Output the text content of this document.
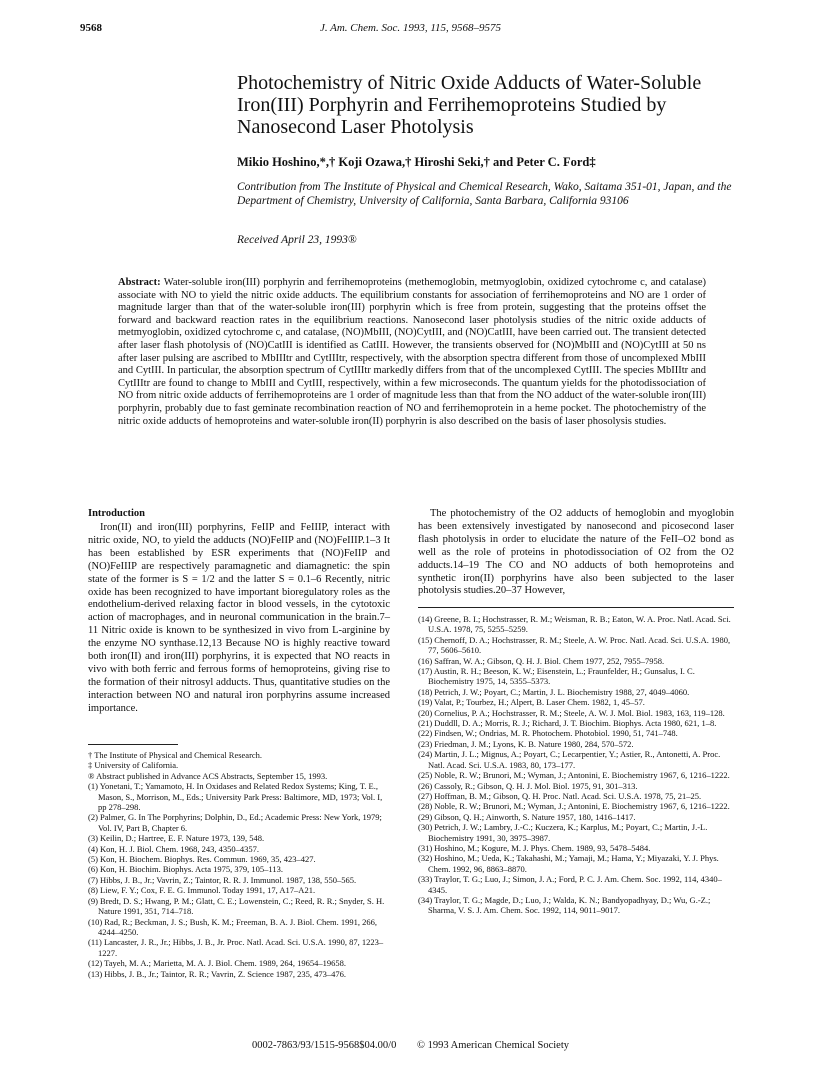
9568	J. Am. Chem. Soc. 1993, 115, 9568–9575
Photochemistry of Nitric Oxide Adducts of Water-Soluble Iron(III) Porphyrin and Ferrihemoproteins Studied by Nanosecond Laser Photolysis
Mikio Hoshino,*,† Koji Ozawa,† Hiroshi Seki,† and Peter C. Ford‡
Contribution from The Institute of Physical and Chemical Research, Wako, Saitama 351-01, Japan, and the Department of Chemistry, University of California, Santa Barbara, California 93106
Received April 23, 1993®
Abstract: Water-soluble iron(III) porphyrin and ferrihemoproteins (methemoglobin, metmyoglobin, oxidized cytochrome c, and catalase) associate with NO to yield the nitric oxide adducts. The equilibrium constants for association of ferrihemoproteins and NO are 1 order of magnitude larger than that of the water-soluble iron(III) porphyrin which is free from protein, suggesting that the proteins offset the forward and backward reaction rates in the equilibrium reactions. Nanosecond laser photolysis studies of the nitric oxide adducts of metmyoglobin, oxidized cytochrome c, and catalase, (NO)MbIII, (NO)CytIII, and (NO)CatIII, have been carried out. The transient detected after laser flash photolysis of (NO)CatIII is identified as CatIII. However, the transients observed for (NO)MbIII and (NO)CytIII at 50 ns after laser pulsing are ascribed to MbIIItr and CytIIItr, respectively, with the absorption spectra different from those of uncomplexed MbIII and CytIII. In particular, the absorption spectrum of CytIIItr markedly differs from that of the uncomplexed CytIII. The species MbIIItr and CytIIItr are found to change to MbIII and CytIII, respectively, within a few microseconds. The quantum yields for the photodissociation of NO from nitric oxide adducts of ferrihemoproteins are 1 order of magnitude less than that from the NO adduct of the water-soluble iron(III) porphyrin, probably due to fast geminate recombination reaction of NO and ferrihemoprotein in a heme pocket. The photochemistry of the nitric oxide adducts of hemoproteins and water-soluble iron(II) porphyrin is also described on the basis of laser phosolysis studies.
Introduction

Iron(II) and iron(III) porphyrins, FeIIP and FeIIIP, interact with nitric oxide, NO, to yield the adducts (NO)FeIIP and (NO)FeIIIP.1–3 It has been established by ESR experiments that (NO)FeIIP and (NO)FeIIIP are respectively paramagnetic and diamagnetic: the spin state of the former is S = 1/2 and the latter S = 0.1–6 Recently, nitric oxide has been recognized to have important bioregulatory roles as the endothelium-derived relaxing factor in blood vessels, in the cytotoxic action of macrophages, and in neuronal communication in the brain.7–11 Nitric oxide is known to be synthesized in vivo from L-arginine by the enzyme NO synthase.12,13 Because NO is highly reactive toward both iron(II) and iron(III) porphyrins, it is expected that NO reacts in vivo with both ferric and ferrous forms of hemoproteins, giving rise to the formation of their nitrosyl adducts. Thus, quantitative studies on the interaction between NO and natural iron porphyrins assume increased importance.

† The Institute of Physical and Chemical Research.
‡ University of California.
® Abstract published in Advance ACS Abstracts, September 15, 1993.
(1) Yonetani, T.; Yamamoto, H. In Oxidases and Related Redox Systems; King, T. E., Mason, S., Morrison, M., Eds.; University Park Press: Baltimore, MD, 1973; Vol. I, pp 278–298.
(2) Palmer, G. In The Porphyrins; Dolphin, D., Ed.; Academic Press: New York, 1979; Vol. IV, Part B, Chapter 6.
(3) Keilin, D.; Hartree, E. F. Nature 1973, 139, 548.
(4) Kon, H. J. Biol. Chem. 1968, 243, 4350–4357.
(5) Kon, H. Biochem. Biophys. Res. Commun. 1969, 35, 423–427.
(6) Kon, H. Biochim. Biophys. Acta 1975, 379, 105–113.
(7) Hibbs, J. B., Jr.; Vavrin, Z.; Taintor, R. R. J. Immunol. 1987, 138, 550–565.
(8) Liew, F. Y.; Cox, F. E. G. Immunol. Today 1991, 17, A17–A21.
(9) Bredt, D. S.; Hwang, P. M.; Glatt, C. E.; Lowenstein, C.; Reed, R. R.; Snyder, S. H. Nature 1991, 351, 714–718.
(10) Rad, R.; Beckman, J. S.; Bush, K. M.; Freeman, B. A. J. Biol. Chem. 1991, 266, 4244–4250.
(11) Lancaster, J. R., Jr.; Hibbs, J. B., Jr. Proc. Natl. Acad. Sci. U.S.A. 1990, 87, 1223–1227.
(12) Tayeh, M. A.; Marietta, M. A. J. Biol. Chem. 1989, 264, 19654–19658.
(13) Hibbs, J. B., Jr.; Taintor, R. R.; Vavrin, Z. Science 1987, 235, 473–476.

The photochemistry of the O2 adducts of hemoglobin and myoglobin has been extensively investigated by nanosecond and picosecond laser flash photolysis in order to elucidate the nature of the FeII–O2 bond as well as the role of proteins in photodissociation of O2 from the O2 adducts.14–19 The CO and NO adducts of both hemoproteins and synthetic iron(II) porphyrins have also been subjected to the laser photolysis studies.20–37 However,

(14) Greene, B. I.; Hochstrasser, R. M.; Weisman, R. B.; Eaton, W. A. Proc. Natl. Acad. Sci. U.S.A. 1978, 75, 5255–5259.
(15) Chernoff, D. A.; Hochstrasser, R. M.; Steele, A. W. Proc. Natl. Acad. Sci. U.S.A. 1980, 77, 5606–5610.
(16) Saffran, W. A.; Gibson, Q. H. J. Biol. Chem 1977, 252, 7955–7958.
(17) Austin, R. H.; Beeson, K. W.; Eisenstein, L.; Fraunfelder, H.; Gunsalus, I. C. Biochemistry 1975, 14, 5355–5373.
(18) Petrich, J. W.; Poyart, C.; Martin, J. L. Biochemistry 1988, 27, 4049–4060.
(19) Valat, P.; Tourbez, H.; Alpert, B. Laser Chem. 1982, 1, 45–57.
(20) Cornelius, P. A.; Hochstrasser, R. M.; Steele, A. W. J. Mol. Biol. 1983, 163, 119–128.
(21) Duddll, D. A.; Morris, R. J.; Richard, J. T. Biochim. Biophys. Acta 1980, 621, 1–8.
(22) Findsen, W.; Ondrias, M. R. Photochem. Photobiol. 1990, 51, 741–748.
(23) Friedman, J. M.; Lyons, K. B. Nature 1980, 284, 570–572.
(24) Martin, J. L.; Mignus, A.; Poyart, C.; Lecarpentier, Y.; Astier, R., Antonetti, A. Proc. Natl. Acad. Sci. U.S.A. 1983, 80, 173–177.
(25) Noble, R. W.; Brunori, M.; Wyman, J.; Antonini, E. Biochemistry 1967, 6, 1216–1222.
(26) Cassoly, R.; Gibson, Q. H. J. Mol. Biol. 1975, 91, 301–313.
(27) Hoffman, B. M.; Gibson, Q. H. Proc. Natl. Acad. Sci. U.S.A. 1978, 75, 21–25.
(28) Noble, R. W.; Brunori, M.; Wyman, J.; Antonini, E. Biochemistry 1967, 6, 1216–1222.
(29) Gibson, Q. H.; Ainworth, S. Nature 1957, 180, 1416–1417.
(30) Petrich, J. W.; Lambry, J.-C.; Kuczera, K.; Karplus, M.; Poyart, C.; Martin, J.-L. Biochemistry 1991, 30, 3975–3987.
(31) Hoshino, M.; Kogure, M. J. Phys. Chem. 1989, 93, 5478–5484.
(32) Hoshino, M.; Ueda, K.; Takahashi, M.; Yamaji, M.; Hama, Y.; Miyazaki, Y. J. Phys. Chem. 1992, 96, 8863–8870.
(33) Traylor, T. G.; Luo, J.; Simon, J. A.; Ford, P. C. J. Am. Chem. Soc. 1992, 114, 4340–4345.
(34) Traylor, T. G.; Magde, D.; Luo, J.; Walda, K. N.; Bandyopadhyay, D.; Wu, G.-Z.; Sharma, V. S. J. Am. Chem. Soc. 1992, 114, 9011–9017.
0002-7863/93/1515-9568$04.00/0 © 1993 American Chemical Society
